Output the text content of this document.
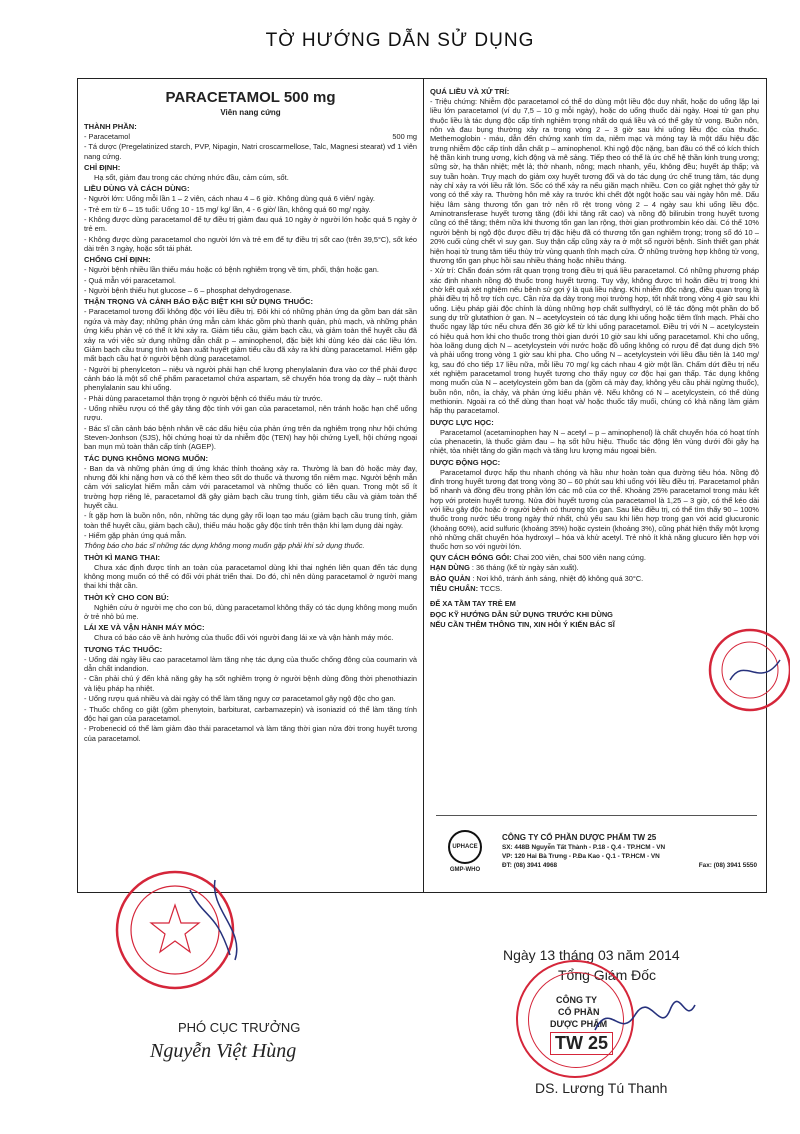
TỜ HƯỚNG DẪN SỬ DỤNG
PARACETAMOL 500 mg
Viên nang cứng

THÀNH PHẦN:

- Paracetamol	500 mg

- Tá dược (Pregelatinized starch, PVP, Nipagin, Natri croscarmellose, Talc, Magnesi stearat) vđ 1 viên nang cứng.

CHỈ ĐỊNH:

Hạ sốt, giảm đau trong các chứng nhức đầu, cảm cúm, sốt.

LIỀU DÙNG VÀ CÁCH DÙNG:

- Người lớn: Uống mỗi lần 1 – 2 viên, cách nhau 4 – 6 giờ. Không dùng quá 6 viên/ ngày.

- Trẻ em từ 6 – 15 tuổi: Uống 10 - 15 mg/ kg/ lần, 4 - 6 giờ/ lần, không quá 60 mg/ ngày.

- Không được dùng paracetamol để tự điều trị giảm đau quá 10 ngày ở người lớn hoặc quá 5 ngày ở trẻ em.

- Không được dùng paracetamol cho người lớn và trẻ em để tự điều trị sốt cao (trên 39,5°C), sốt kéo dài trên 3 ngày, hoặc sốt tái phát.

CHỐNG CHỈ ĐỊNH:

- Người bệnh nhiều lần thiếu máu hoặc có bệnh nghiêm trọng về tim, phổi, thận hoặc gan.

- Quá mẫn với paracetamol.

- Người bệnh thiếu hụt glucose – 6 – phosphat dehydrogenase.

THẬN TRỌNG VÀ CẢNH BÁO ĐẶC BIỆT KHI SỬ DỤNG THUỐC:

- Paracetamol tương đối không độc với liều điều trị. Đôi khi có những phản ứng da gồm ban dát sần ngứa và mày đay; những phản ứng mẫn cảm khác gồm phù thanh quản, phù mạch, và những phản ứng kiểu phản vệ có thể ít khi xảy ra. Giảm tiểu cầu, giảm bạch cầu, và giảm toàn thể huyết cầu đã xảy ra với việc sử dụng những dẫn chất p – aminophenol, đặc biệt khi dùng kéo dài các liều lớn. Giảm bạch cầu trung tính và ban xuất huyết giảm tiểu cầu đã xảy ra khi dùng paracetamol. Hiếm gặp mất bạch cầu hạt ở người bệnh dùng paracetamol.

- Người bị phenylceton – niệu và người phải hạn chế lượng phenylalanin đưa vào cơ thể phải được cảnh báo là một số chế phẩm paracetamol chứa aspartam, sẽ chuyển hóa trong dạ dày – ruột thành phenylalanin sau khi uống.

- Phải dùng paracetamol thận trọng ở người bệnh có thiếu máu từ trước.

- Uống nhiều rượu có thể gây tăng độc tính với gan của paracetamol, nên tránh hoặc hạn chế uống rượu.

- Bác sĩ cần cảnh báo bệnh nhân về các dấu hiệu của phản ứng trên da nghiêm trọng như hội chứng Steven-Jonhson (SJS), hội chứng hoại tử da nhiễm độc (TEN) hay hội chứng Lyell, hội chứng ngoại ban mụn mủ toàn thân cấp tính (AGEP).

TÁC DỤNG KHÔNG MONG MUỐN:

- Ban da và những phản ứng dị ứng khác thỉnh thoảng xảy ra. Thường là ban đỏ hoặc mày đay, nhưng đôi khi nặng hơn và có thể kèm theo sốt do thuốc và thương tổn niêm mạc. Người bệnh mẫn cảm với salicylat hiếm mẫn cảm với paracetamol và những thuốc có liên quan. Trong một số ít trường hợp riêng lẻ, paracetamol đã gây giảm bạch cầu trung tính, giảm tiểu cầu và giảm toàn thể huyết cầu.

- Ít gặp hơn là buồn nôn, nôn, những tác dụng gây rối loạn tạo máu (giảm bạch cầu trung tính, giảm toàn thể huyết cầu, giảm bạch cầu), thiếu máu hoặc gây độc tính trên thận khi lạm dụng dài ngày.

- Hiếm gặp phản ứng quá mẫn.

Thông báo cho bác sĩ những tác dụng không mong muốn gặp phải khi sử dụng thuốc.

THỜI KÌ MANG THAI:

Chưa xác định được tính an toàn của paracetamol dùng khi thai nghén liên quan đến tác dụng không mong muốn có thể có đối với phát triển thai. Do đó, chỉ nên dùng paracetamol ở người mang thai khi thật cần.

THỜI KỲ CHO CON BÚ:

Nghiên cứu ở người mẹ cho con bú, dùng paracetamol không thấy có tác dụng không mong muốn ở trẻ nhỏ bú mẹ.

LÁI XE VÀ VẬN HÀNH MÁY MÓC:

Chưa có báo cáo về ảnh hưởng của thuốc đối với người đang lái xe và vận hành máy móc.

TƯƠNG TÁC THUỐC:

- Uống dài ngày liều cao paracetamol làm tăng nhẹ tác dụng của thuốc chống đông của coumarin và dẫn chất indandion.

- Cần phải chú ý đến khả năng gây hạ sốt nghiêm trọng ở người bệnh dùng đồng thời phenothiazin và liệu pháp hạ nhiệt.

- Uống rượu quá nhiều và dài ngày có thể làm tăng nguy cơ paracetamol gây ngộ độc cho gan.

- Thuốc chống co giật (gồm phenytoin, barbiturat, carbamazepin) và isoniazid có thể làm tăng tính độc hại gan của paracetamol.

- Probenecid có thể làm giảm đào thải paracetamol và làm tăng thời gian nửa đời trong huyết tương của paracetamol.

QUÁ LIỀU VÀ XỬ TRÍ:

- Triệu chứng: Nhiễm độc paracetamol có thể do dùng một liều độc duy nhất, hoặc do uống lặp lại liều lớn paracetamol (ví dụ 7,5 – 10 g mỗi ngày), hoặc do uống thuốc dài ngày. Hoại tử gan phụ thuộc liều là tác dụng độc cấp tính nghiêm trọng nhất do quá liều và có thể gây tử vong. Buồn nôn, nôn và đau bụng thường xảy ra trong vòng 2 – 3 giờ sau khi uống liều độc của thuốc. Methemoglobin - máu, dẫn đến chứng xanh tím da, niêm mạc và móng tay là một dấu hiệu đặc trưng nhiễm độc cấp tính dẫn chất p – aminophenol. Khi ngộ độc nặng, ban đầu có thể có kích thích hệ thần kinh trung ương, kích động và mê sảng. Tiếp theo có thể là ức chế hệ thần kinh trung ương; sững sờ, hạ thân nhiệt; mệt lả; thở nhanh, nông; mạch nhanh, yếu, không đều; huyết áp thấp; và suy tuần hoàn. Trụy mạch do giảm oxy huyết tương đối và do tác dụng ức chế trung tâm, tác dụng này chỉ xảy ra với liều rất lớn. Sốc có thể xảy ra nếu giãn mạch nhiều. Cơn co giật nghẹt thở gây tử vong có thể xảy ra. Thường hôn mê xảy ra trước khi chết đột ngột hoặc sau vài ngày hôn mê. Dấu hiệu lâm sàng thương tổn gan trở nên rõ rệt trong vòng 2 – 4 ngày sau khi uống liều độc. Aminotransferase huyết tương tăng (đôi khi tăng rất cao) và nồng độ bilirubin trong huyết tương cũng có thể tăng; thêm nữa khi thương tổn gan lan rộng, thời gian prothrombin kéo dài. Có thể 10% người bệnh bị ngộ độc được điều trị đặc hiệu đã có thương tổn gan nghiêm trọng; trong số đó 10 – 20% cuối cùng chết vì suy gan. Suy thận cấp cũng xảy ra ở một số người bệnh. Sinh thiết gan phát hiện hoại tử trung tâm tiểu thùy trừ vùng quanh tĩnh mạch cửa. Ở những trường hợp không tử vong, thương tổn gan phục hồi sau nhiều tháng hoặc nhiều tháng.

- Xử trí: Chẩn đoán sớm rất quan trọng trong điều trị quá liều paracetamol. Có những phương pháp xác định nhanh nồng độ thuốc trong huyết tương. Tuy vậy, không được trì hoãn điều trị trong khi chờ kết quả xét nghiệm nếu bệnh sử gợi ý là quá liều nặng. Khi nhiễm độc nặng, điều quan trọng là phải điều trị hỗ trợ tích cực. Cần rửa dạ dày trong mọi trường hợp, tốt nhất trong vòng 4 giờ sau khi uống. Liệu pháp giải độc chính là dùng những hợp chất sulfhydryl, có lẽ tác động một phần do bổ sung dự trữ glutathion ở gan. N – acetylcystein có tác dụng khi uống hoặc tiêm tĩnh mạch. Phải cho thuốc ngay lập tức nếu chưa đến 36 giờ kể từ khi uống paracetamol. Điều trị với N – acetylcystein có hiệu quả hơn khi cho thuốc trong thời gian dưới 10 giờ sau khi uống paracetamol. Khi cho uống, hòa loãng dung dịch N – acetylcystein với nước hoặc đồ uống không có rượu để đạt dung dịch 5% và phải uống trong vòng 1 giờ sau khi pha. Cho uống N – acetylcystein với liều đầu tiên là 140 mg/ kg, sau đó cho tiếp 17 liều nữa, mỗi liều 70 mg/ kg cách nhau 4 giờ một lần. Chấm dứt điều trị nếu xét nghiệm paracetamol trong huyết tương cho thấy nguy cơ độc hại gan thấp. Tác dụng không mong muốn của N – acetylcystein gồm ban da (gồm cả mày đay, không yêu cầu phải ngừng thuốc), buồn nôn, nôn, ỉa chảy, và phản ứng kiểu phản vệ. Nếu không có N – acetylcystein, có thể dùng methionin. Ngoài ra có thể dùng than hoạt và/ hoặc thuốc tẩy muối, chúng có khả năng làm giảm hấp thụ paracetamol.

DƯỢC LỰC HỌC:

Paracetamol (acetaminophen hay N – acetyl – p – aminophenol) là chất chuyển hóa có hoạt tính của phenacetin, là thuốc giảm đau – hạ sốt hữu hiệu. Thuốc tác động lên vùng dưới đồi gây hạ nhiệt, tỏa nhiệt tăng do giãn mạch và tăng lưu lượng máu ngoại biên.

DƯỢC ĐỘNG HỌC:

Paracetamol được hấp thu nhanh chóng và hầu như hoàn toàn qua đường tiêu hóa. Nồng độ đỉnh trong huyết tương đạt trong vòng 30 – 60 phút sau khi uống với liều điều trị. Paracetamol phân bố nhanh và đồng đều trong phần lớn các mô của cơ thể. Khoảng 25% paracetamol trong máu kết hợp với protein huyết tương. Nửa đời huyết tương của paracetamol là 1,25 – 3 giờ, có thể kéo dài với liều gây độc hoặc ở người bệnh có thương tổn gan. Sau liều điều trị, có thể tìm thấy 90 – 100% thuốc trong nước tiểu trong ngày thứ nhất, chủ yếu sau khi liên hợp trong gan với acid glucuronic (khoảng 60%), acid sulfuric (khoảng 35%) hoặc cystein (khoảng 3%), cũng phát hiện thấy một lượng nhỏ những chất chuyển hóa hydroxyl – hóa và khử acetyl. Trẻ nhỏ ít khả năng glucuro liên hợp với thuốc hơn so với người lớn.

QUY CÁCH ĐÓNG GÓI: Chai 200 viên, chai 500 viên nang cứng.

HẠN DÙNG : 36 tháng (kể từ ngày sản xuất).

BẢO QUẢN : Nơi khô, tránh ánh sáng, nhiệt độ không quá 30°C.

TIÊU CHUẨN: TCCS.

ĐỂ XA TẦM TAY TRẺ EM

ĐỌC KỸ HƯỚNG DẪN SỬ DỤNG TRƯỚC KHI DÙNG

NẾU CẦN THÊM THÔNG TIN, XIN HỎI Ý KIẾN BÁC SĨ

UPHACE
GMP-WHO
CÔNG TY CỔ PHẦN DƯỢC PHẨM TW 25
SX: 448B Nguyễn Tất Thành - P.18 - Q.4 - TP.HCM - VN
VP: 120 Hai Bà Trưng - P.Đa Kao - Q.1 - TP.HCM - VN
ĐT: (08) 3941 4968	Fax: (08) 3941 5550
PHÓ CỤC TRƯỞNG
Nguyễn Việt Hùng
Ngày 13 tháng 03 năm 2014
Tổng Giám Đốc
CÔNG TY
CỔ PHẦN
DƯỢC PHẨM
TW 25
DS. Lương Tú Thanh
